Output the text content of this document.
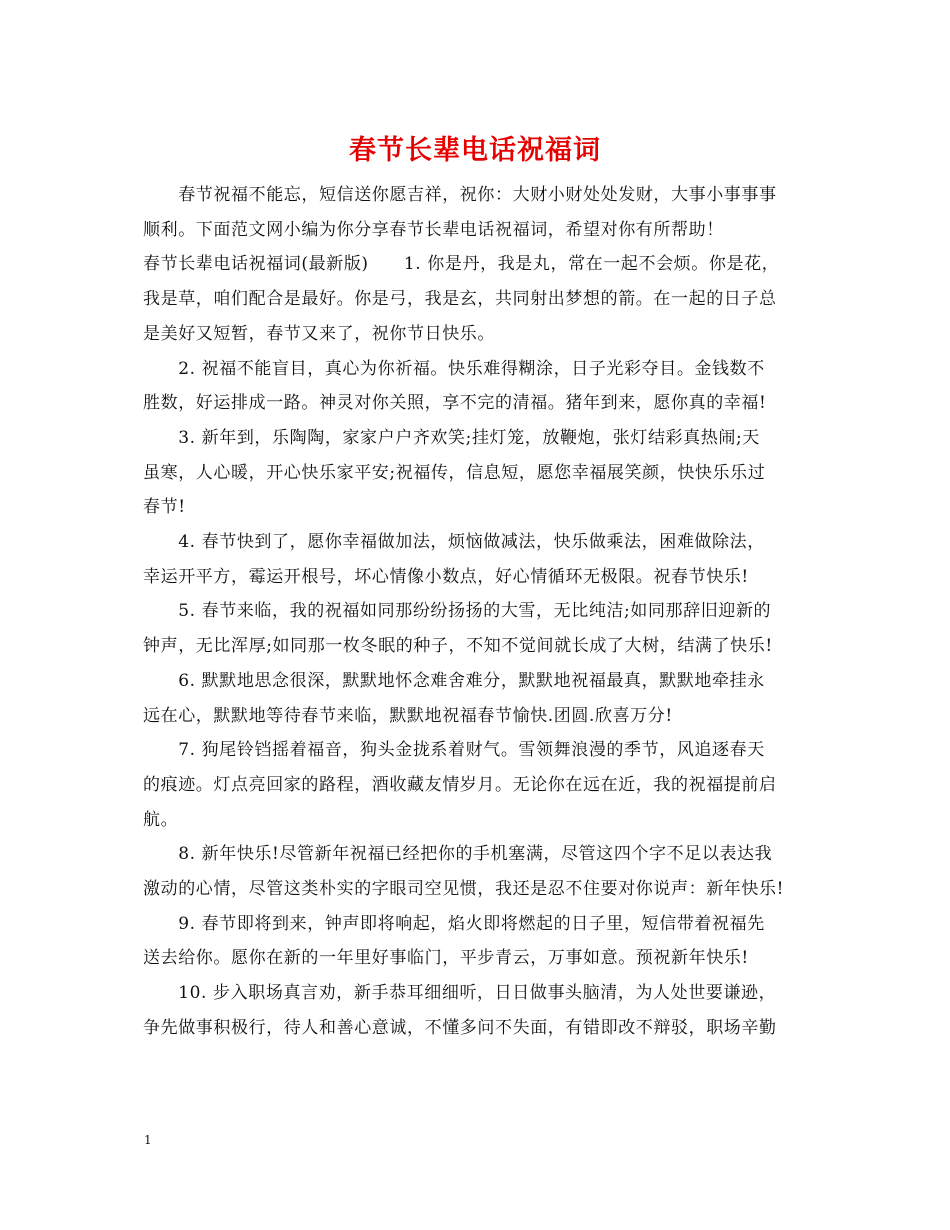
春节长辈电话祝福词
　　春节祝福不能忘，短信送你愿吉祥，祝你：大财小财处处发财，大事小事事事
顺利。下面范文网小编为你分享春节长辈电话祝福词，希望对你有所帮助！
春节长辈电话祝福词(最新版)　　1. 你是丹，我是丸，常在一起不会烦。你是花，
我是草，咱们配合是最好。你是弓，我是玄，共同射出梦想的箭。在一起的日子总
是美好又短暂，春节又来了，祝你节日快乐。
　　2. 祝福不能盲目，真心为你祈福。快乐难得糊涂，日子光彩夺目。金钱数不
胜数，好运排成一路。神灵对你关照，享不完的清福。猪年到来，愿你真的幸福!
　　3. 新年到，乐陶陶，家家户户齐欢笑;挂灯笼，放鞭炮，张灯结彩真热闹;天
虽寒，人心暖，开心快乐家平安;祝福传，信息短，愿您幸福展笑颜，快快乐乐过
春节!
　　4. 春节快到了，愿你幸福做加法，烦恼做减法，快乐做乘法，困难做除法，
幸运开平方，霉运开根号，坏心情像小数点，好心情循环无极限。祝春节快乐!
　　5. 春节来临，我的祝福如同那纷纷扬扬的大雪，无比纯洁;如同那辞旧迎新的
钟声，无比浑厚;如同那一枚冬眠的种子，不知不觉间就长成了大树，结满了快乐!
　　6. 默默地思念很深，默默地怀念难舍难分，默默地祝福最真，默默地牵挂永
远在心，默默地等待春节来临，默默地祝福春节愉快.团圆.欣喜万分!
　　7. 狗尾铃铛摇着福音，狗头金拢系着财气。雪领舞浪漫的季节，风追逐春天
的痕迹。灯点亮回家的路程，酒收藏友情岁月。无论你在远在近，我的祝福提前启
航。
　　8. 新年快乐!尽管新年祝福已经把你的手机塞满，尽管这四个字不足以表达我
激动的心情，尽管这类朴实的字眼司空见惯，我还是忍不住要对你说声：新年快乐!
　　9. 春节即将到来，钟声即将响起，焰火即将燃起的日子里，短信带着祝福先
送去给你。愿你在新的一年里好事临门，平步青云，万事如意。预祝新年快乐!
　　10. 步入职场真言劝，新手恭耳细细听，日日做事头脑清，为人处世要谦逊，
争先做事积极行，待人和善心意诚，不懂多问不失面，有错即改不辩驳，职场辛勤
1
